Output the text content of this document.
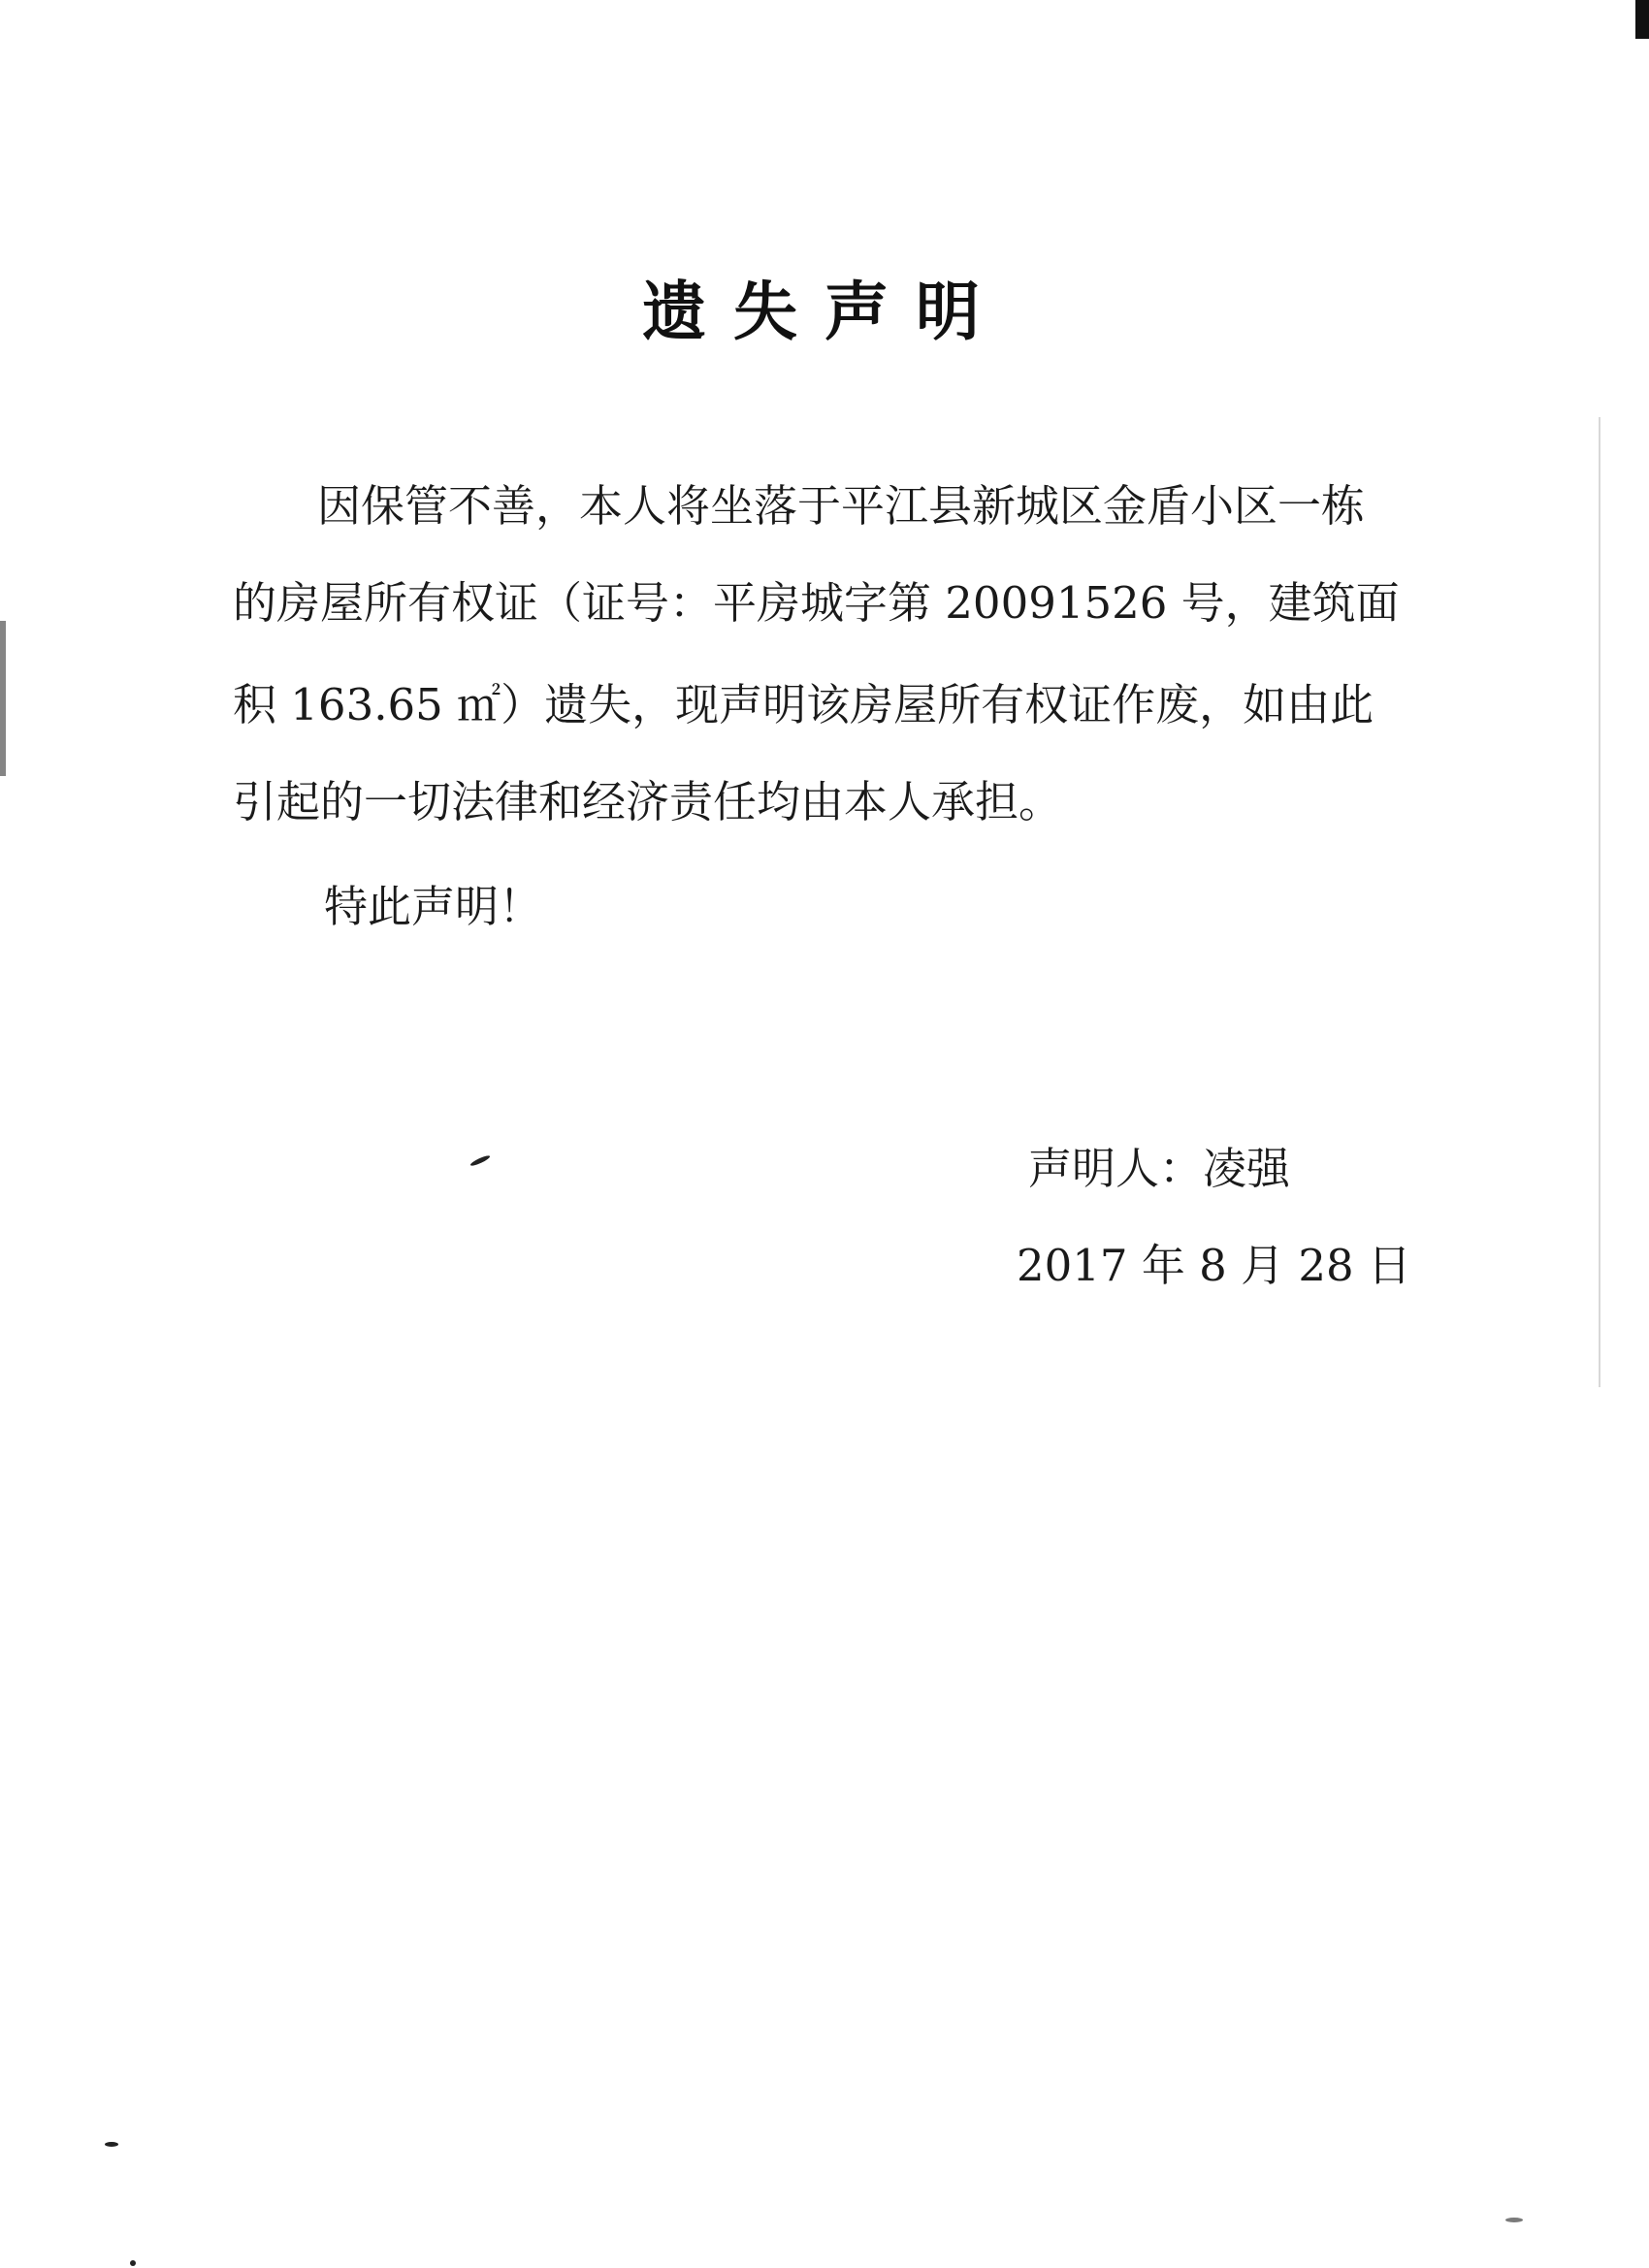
遗失声明
因保管不善，本人将坐落于平江县新城区金盾小区一栋
的房屋所有权证（证号：平房城字第 20091526 号，建筑面
积 163.65 ㎡）遗失，现声明该房屋所有权证作废，如由此
引起的一切法律和经济责任均由本人承担。
特此声明！
声明人：凌强
2017 年 8 月 28 日
